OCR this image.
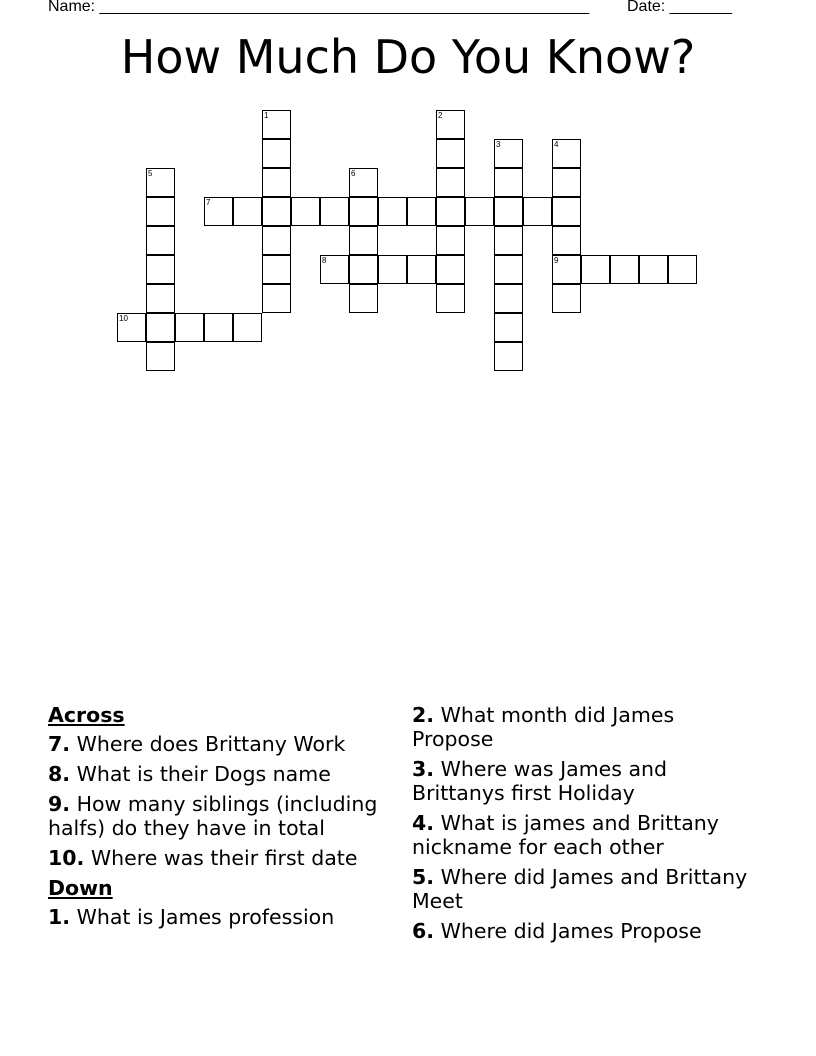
Name: _______________________________________________________ Date: _______
How Much Do You Know?
1	2
3	4
5	6
7
8	9
10
Across
7. Where does Brittany Work
8. What is their Dogs name
9. How many siblings (including halfs) do they have in total
10. Where was their first date
Down
1. What is James profession
2. What month did James Propose
3. Where was James and Brittanys first Holiday
4. What is james and Brittany nickname for each other
5. Where did James and Brittany Meet
6. Where did James Propose
